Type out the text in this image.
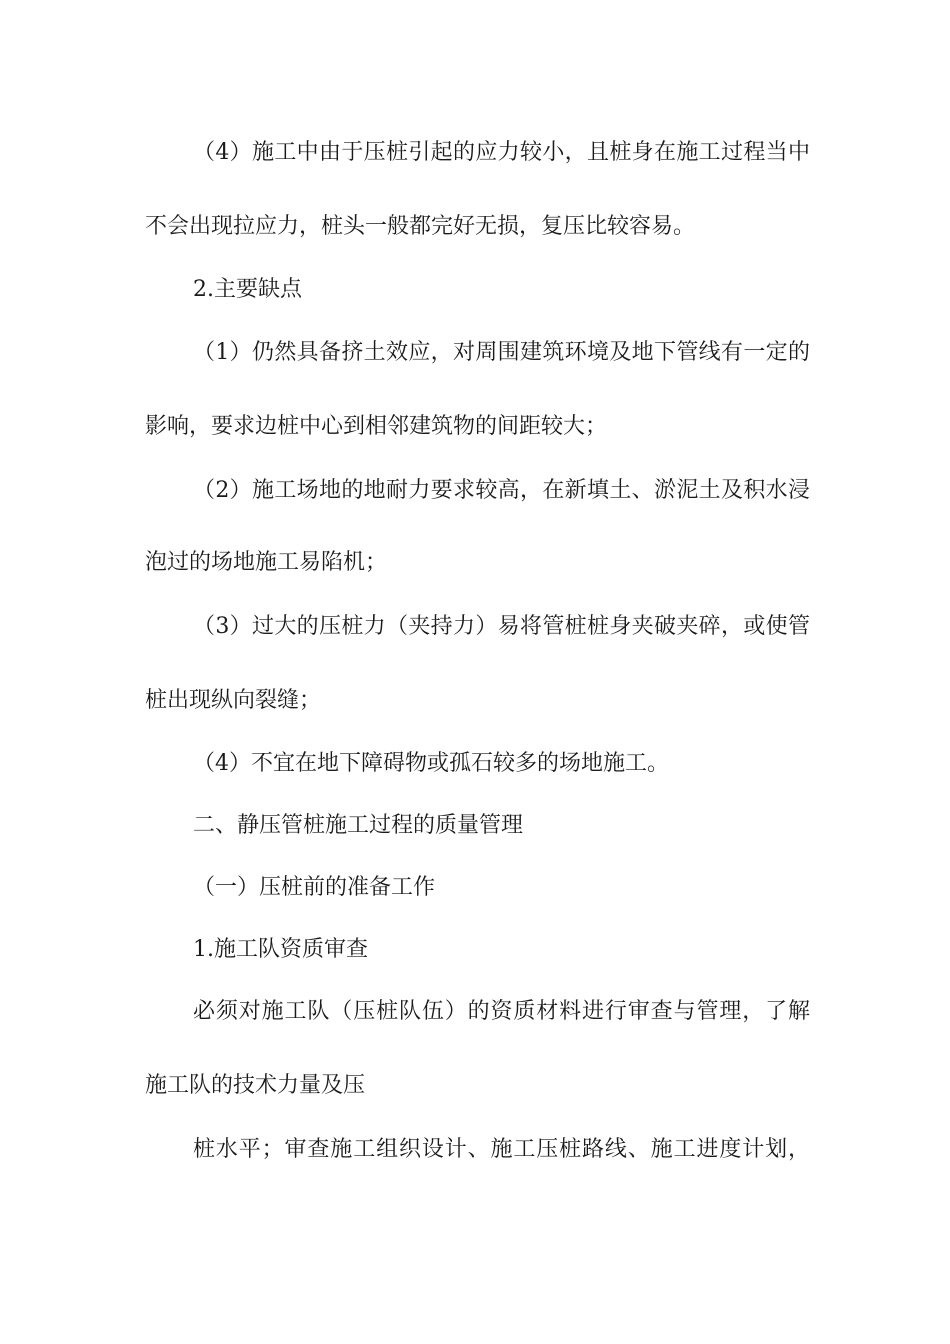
（4）施工中由于压桩引起的应力较小，且桩身在施工过程当中
不会出现拉应力，桩头一般都完好无损，复压比较容易。
2.主要缺点
（1）仍然具备挤土效应，对周围建筑环境及地下管线有一定的
影响，要求边桩中心到相邻建筑物的间距较大；
（2）施工场地的地耐力要求较高，在新填土、淤泥土及积水浸
泡过的场地施工易陷机；
（3）过大的压桩力（夹持力）易将管桩桩身夹破夹碎，或使管
桩出现纵向裂缝；
（4）不宜在地下障碍物或孤石较多的场地施工。
二、静压管桩施工过程的质量管理
（一）压桩前的准备工作
1.施工队资质审查
必须对施工队（压桩队伍）的资质材料进行审查与管理，了解
施工队的技术力量及压
桩水平；审查施工组织设计、施工压桩路线、施工进度计划，
